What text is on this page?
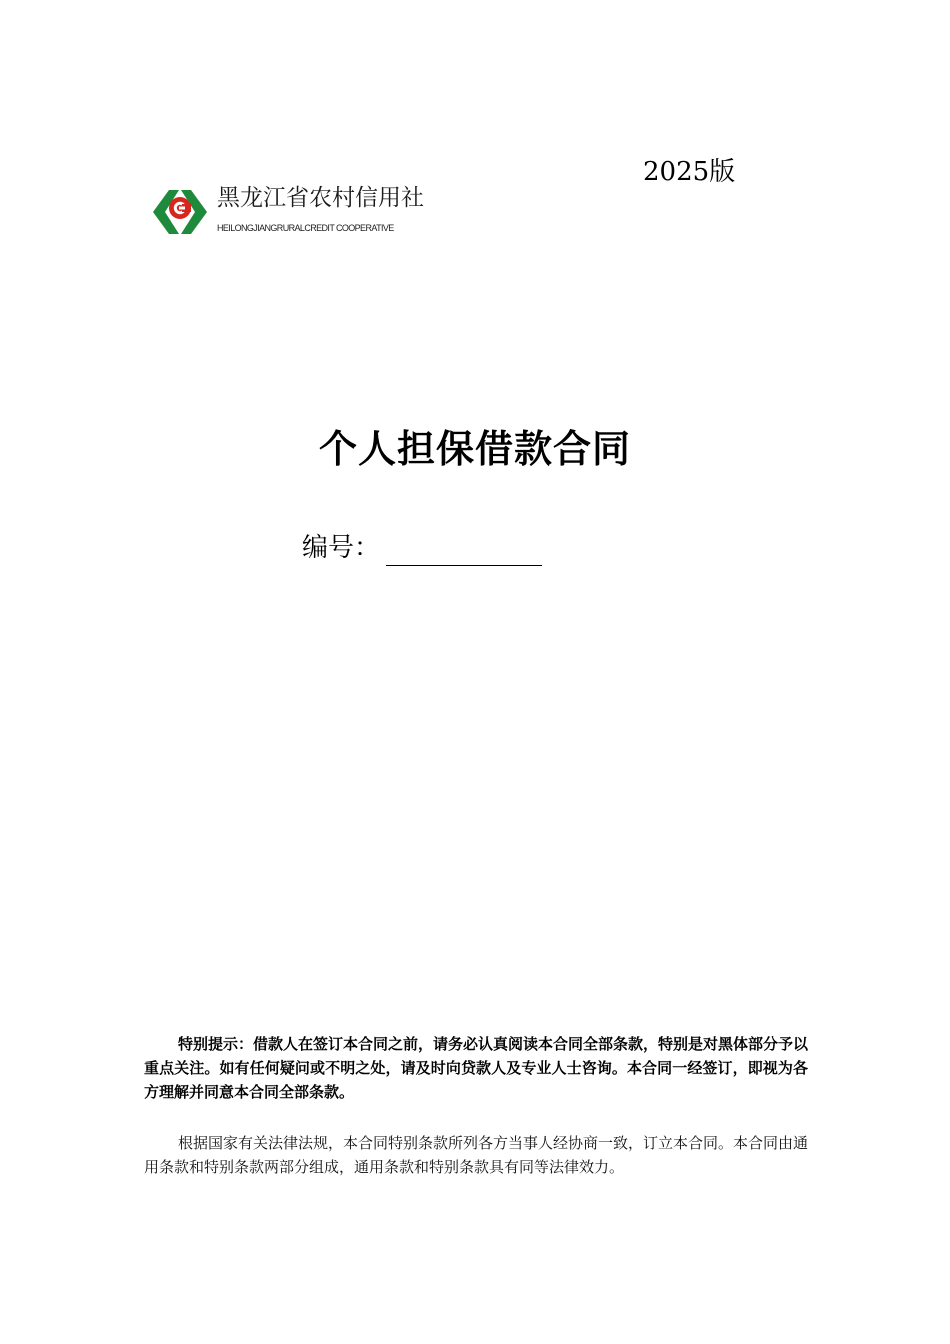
2025版
黑龙江省农村信用社
HEILONGJIANGRURALCREDIT COOPERATIVE
个人担保借款合同
编号：

特别提示：借款人在签订本合同之前，请务必认真阅读本合同全部条款，特别是对黑体部分予以重点关注。如有任何疑问或不明之处，请及时向贷款人及专业人士咨询。本合同一经签订，即视为各方理解并同意本合同全部条款。

根据国家有关法律法规，本合同特别条款所列各方当事人经协商一致，订立本合同。本合同由通用条款和特别条款两部分组成，通用条款和特别条款具有同等法律效力。
